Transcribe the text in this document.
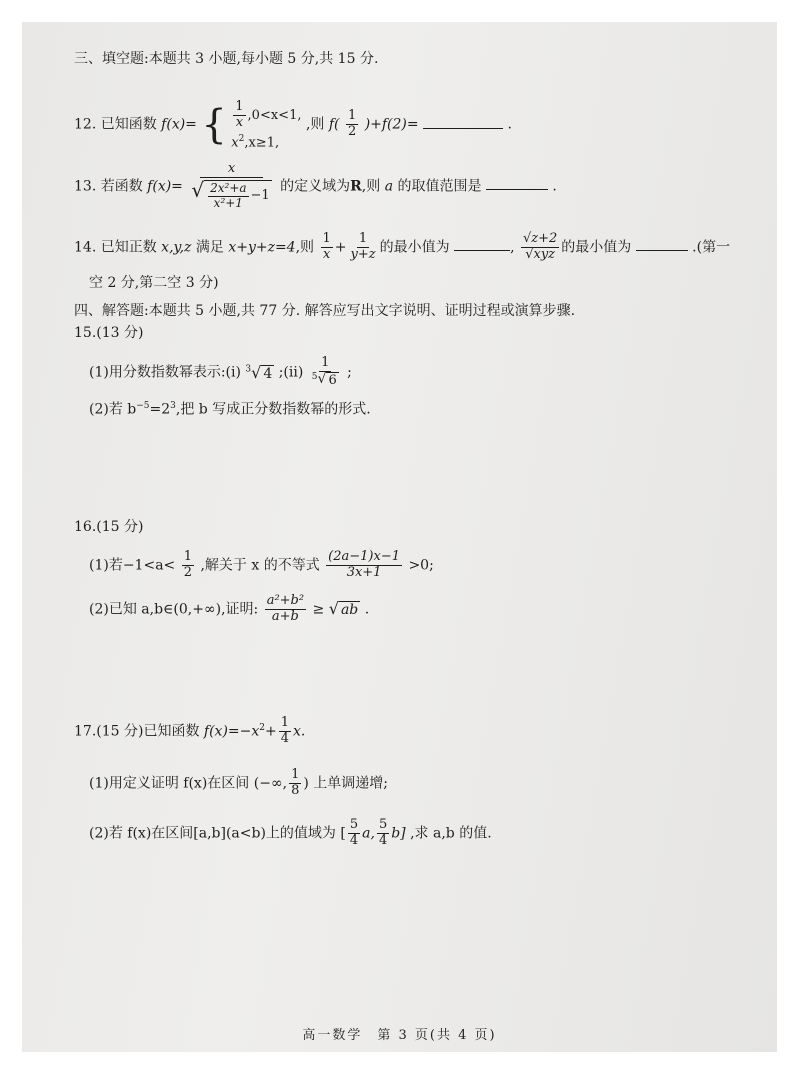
三、填空题:本题共 3 小题,每小题 5 分,共 15 分.
12. 已知函数 f(x)= { $\frac{1}{x} ,0<x<1$,
$x^2,x\ge 1$,
,则 $f( \frac{1}{2} )+f(2)=$	.
13. 若函数 f(x)=
x
√ $\frac{\text{2x²+a}}{\text{x²+1}} -1$
的定义域为R,则 a 的取值范围是	.
14. 已知正数 x,y,z 满足 x+y+z=4,则 $\frac{1}{x} + \frac{1}{y+z}$ 的最小值为	, $\frac{√z+2}{\text{√xyz}}$ 的最小值为	.(第一
空 2 分,第二空 3 分)
四、解答题:本题共 5 小题,共 77 分. 解答应写出文字说明、证明过程或演算步骤.
15.(13 分)
(1)用分数指数幂表示:(i) $^3$ √ 4 ;(ii) $\frac{1}{^5 √ 6}$ ;
(2)若 $b^{-5}=2^3$,把 b 写成正分数指数幂的形式.
16.(15 分)
(1)若$-1<a< \frac{1}{2}$ ,解关于 x 的不等式 $\frac{(2a-1)x-1}{3x+1} >0$;
(2)已知 a,b∈(0,+∞),证明: $\frac{\text{a²+b²}}{a+b}$ ≥ √ ab .
17.(15 分)已知函数 $f(x)=-x^2+ \frac{1}{4} x$.
(1)用定义证明 f(x)在区间 (−∞, $\frac{1}{8}$ ) 上单调递增;
(2)若 f(x)在区间[a,b](a<b)上的值域为 [ $\frac{5}{4} a$, $\frac{5}{4} b$] ,求 a,b 的值.
高一数学　第 3 页(共 4 页)
